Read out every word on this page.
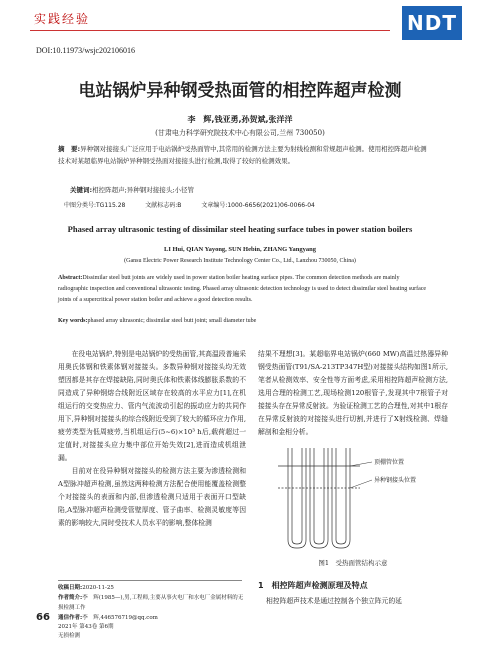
实践经验	NDT
DOI:10.11973/wsjc202106016
电站锅炉异种钢受热面管的相控阵超声检测
李　辉,钱亚勇,孙贺斌,张洋洋
(甘肃电力科学研究院技术中心有限公司,兰州 730050)
摘　要:异种钢对接接头广泛应用于电站锅炉受热面管中,其常用的检测方法主要为射线检测和常规超声检测。使用相控阵超声检测技术对某超临界电站锅炉异种钢受热面对接接头进行检测,取得了较好的检测效果。
关键词:相控阵超声;异种钢对接接头;小径管
中图分类号:TG115.28	文献标志码:B	文章编号:1000-6656(2021)06-0066-04
Phased array ultrasonic testing of dissimilar steel heating surface tubes in power station boilers
LI Hui, QIAN Yayong, SUN Hebin, ZHANG Yangyang
(Gansu Electric Power Research Institute Technology Center Co., Ltd., Lanzhou 730050, China)
Abstract:Dissimilar steel butt joints are widely used in power station boiler heating surface pipes. The common detection methods are mainly radiographic inspection and conventional ultrasonic testing. Phased array ultrasonic detection technology is used to detect dissimilar steel heating surface joints of a supercritical power station boiler and achieve a good detection results.
Key words:phased array ultrasonic; dissimilar steel butt joint; small diameter tube

在役电站锅炉,特别是电站锅炉的受热面管,其高温段普遍采用奥氏体钢和铁素体钢对接接头。多数异种钢对接接头均无效塑因都是其存在焊接缺陷,同时奥氏体和铁素体线膨胀系数的不同造成了异种钢熔合线附近区域存在较高的水平应力[1],在机组运行的交变热应力、管内气流波动引起的振动应力的共同作用下,异种钢对接接头的综合线附近受到了较大的循环应力作用,疲劳类型为低周疲劳,当机组运行(5~6)×10³ h后,载荷超过一定值时,对接接头应力集中部位开始失效[2],进而造成机组泄漏。

目前对在役异种钢对接接头的检测方法主要为渗透检测和A型脉冲超声检测,虽然这两种检测方法配合使用能覆盖检测整个对接接头的表面和内部,但渗透检测只适用于表面开口型缺陷,A型脉冲超声检测受管壁厚度、管子曲率、检测灵敏度等因素的影响较大,同时受技术人员水平的影响,整体检测

结果不理想[3]。某超临界电站锅炉(660 MW)高温过热器异种钢受热面管(T91/SA-213TP347H型)对接接头结构如图1所示,笔者从检测效率、安全性等方面考虑,采用相控阵超声检测方法,选用合理的检测工艺,现场检测120根管子,发现其中7根管子对接接头存在异常反射波。为验证检测工艺的合理性,对其中1根存在异常反射波的对接接头进行切割,并进行了X射线检测、焊缝解剖和金相分析。

顶棚管位置
异种钢接头位置
图1　受热面管结构示意
1　相控阵超声检测原理及特点
相控阵超声技术是通过控制各个独立阵元的延
收稿日期:2020-11-25
作者简介:李　辉(1985—),男,工程师,主要从事火电厂和水电厂金属材料的无损检测工作
通信作者:李　辉,446576719@qq.com
66
2021年 第43卷 第6期
无损检测
